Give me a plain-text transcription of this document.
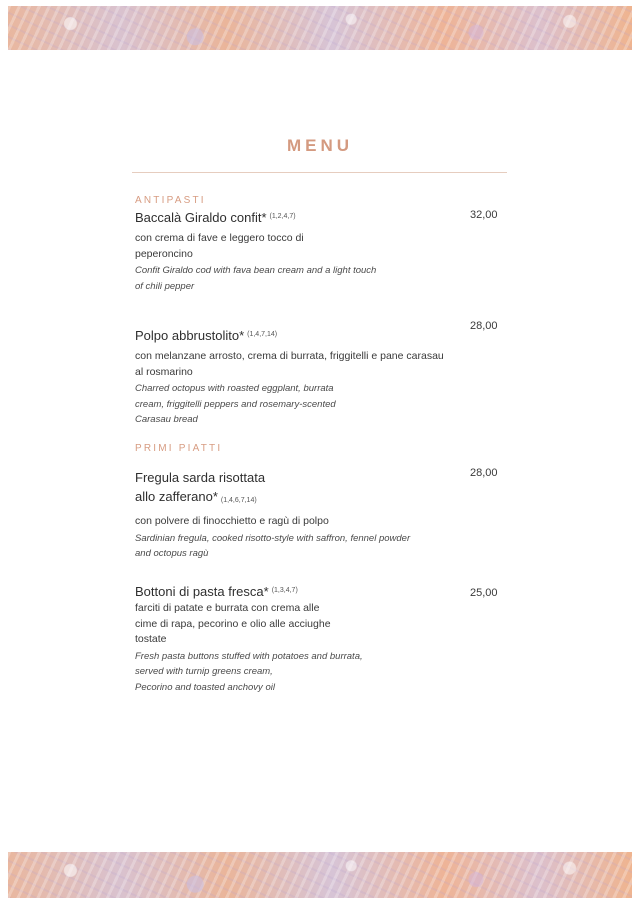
MENU
ANTIPASTI
Baccalà Giraldo confit* $^{(1,2,4,7)}$
con crema di fave e leggero tocco di
peperoncino
Confit Giraldo cod with fava bean cream and a light touch
of chili pepper
32,00
Polpo abbrustolito* $^{(1,4,7,14)}$
con melanzane arrosto, crema di burrata, friggitelli e pane carasau
al rosmarino
Charred octopus with roasted eggplant, burrata
cream, friggitelli peppers and rosemary-scented
Carasau bread
28,00
PRIMI PIATTI
Fregula sarda risottata
allo zafferano* $^{(1,4,6,7,14)}$
con polvere di finocchietto e ragù di polpo
Sardinian fregula, cooked risotto-style with saffron, fennel powder
and octopus ragù
28,00
Bottoni di pasta fresca* $^{(1,3,4,7)}$
farciti di patate e burrata con crema alle
cime di rapa, pecorino e olio alle acciughe
tostate
Fresh pasta buttons stuffed with potatoes and burrata,
served with turnip greens cream,
Pecorino and toasted anchovy oil
25,00
